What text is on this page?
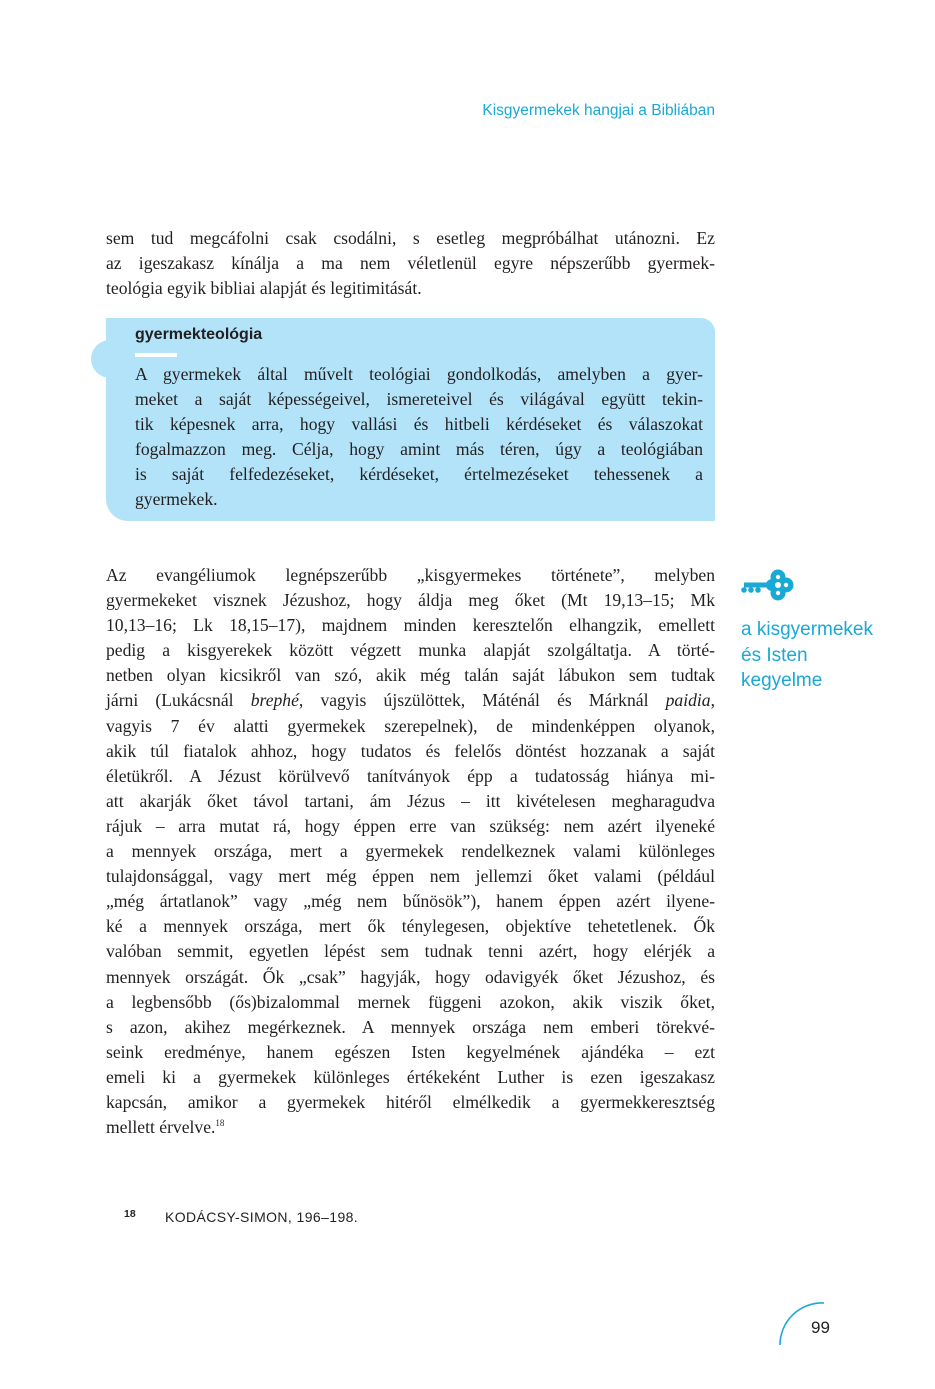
Kisgyermekek hangjai a Bibliában

sem tud megcáfolni csak csodálni, s esetleg megpróbálhat utánozni. Ez
az igeszakasz kínálja a ma nem véletlenül egyre népszerűbb gyermek-
teológia egyik bibliai alapját és legitimitását.

gyermekteológia

A gyermekek által művelt teológiai gondolkodás, amelyben a gyer-
meket a saját képességeivel, ismereteivel és világával együtt tekin-
tik képesnek arra, hogy vallási és hitbeli kérdéseket és válaszokat
fogalmazzon meg. Célja, hogy amint más téren, úgy a teológiában
is saját felfedezéseket, kérdéseket, értelmezéseket tehessenek a
gyermekek.

Az evangéliumok legnépszerűbb „kisgyermekes története”, melyben
gyermekeket visznek Jézushoz, hogy áldja meg őket (Mt 19,13–15; Mk
10,13–16; Lk 18,15–17), majdnem minden keresztelőn elhangzik, emellett
pedig a kisgyerekek között végzett munka alapját szolgáltatja. A törté-
netben olyan kicsikről van szó, akik még talán saját lábukon sem tudtak
járni (Lukácsnál brephé, vagyis újszülöttek, Máténál és Márknál paidia,
vagyis 7 év alatti gyermekek szerepelnek), de mindenképpen olyanok,
akik túl fiatalok ahhoz, hogy tudatos és felelős döntést hozzanak a saját
életükről. A Jézust körülvevő tanítványok épp a tudatosság hiánya mi-
att akarják őket távol tartani, ám Jézus – itt kivételesen megharagudva
rájuk – arra mutat rá, hogy éppen erre van szükség: nem azért ilyeneké
a mennyek országa, mert a gyermekek rendelkeznek valami különleges
tulajdonsággal, vagy mert még éppen nem jellemzi őket valami (például
„még ártatlanok” vagy „még nem bűnösök”), hanem éppen azért ilyene-
ké a mennyek országa, mert ők ténylegesen, objektíve tehetetlenek. Ők
valóban semmit, egyetlen lépést sem tudnak tenni azért, hogy elérjék a
mennyek országát. Ők „csak” hagyják, hogy odavigyék őket Jézushoz, és
a legbensőbb (ős)bizalommal mernek függeni azokon, akik viszik őket,
s azon, akihez megérkeznek. A mennyek országa nem emberi törekvé-
seink eredménye, hanem egészen Isten kegyelmének ajándéka – ezt
emeli ki a gyermekek különleges értékeként Luther is ezen igeszakasz
kapcsán, amikor a gyermekek hitéről elmélkedik a gyermekkeresztség
mellett érvelve.$^{18}$

a kisgyermekek
és Isten
kegyelme
18 KODÁCSY-SIMON, 196–198.
99
